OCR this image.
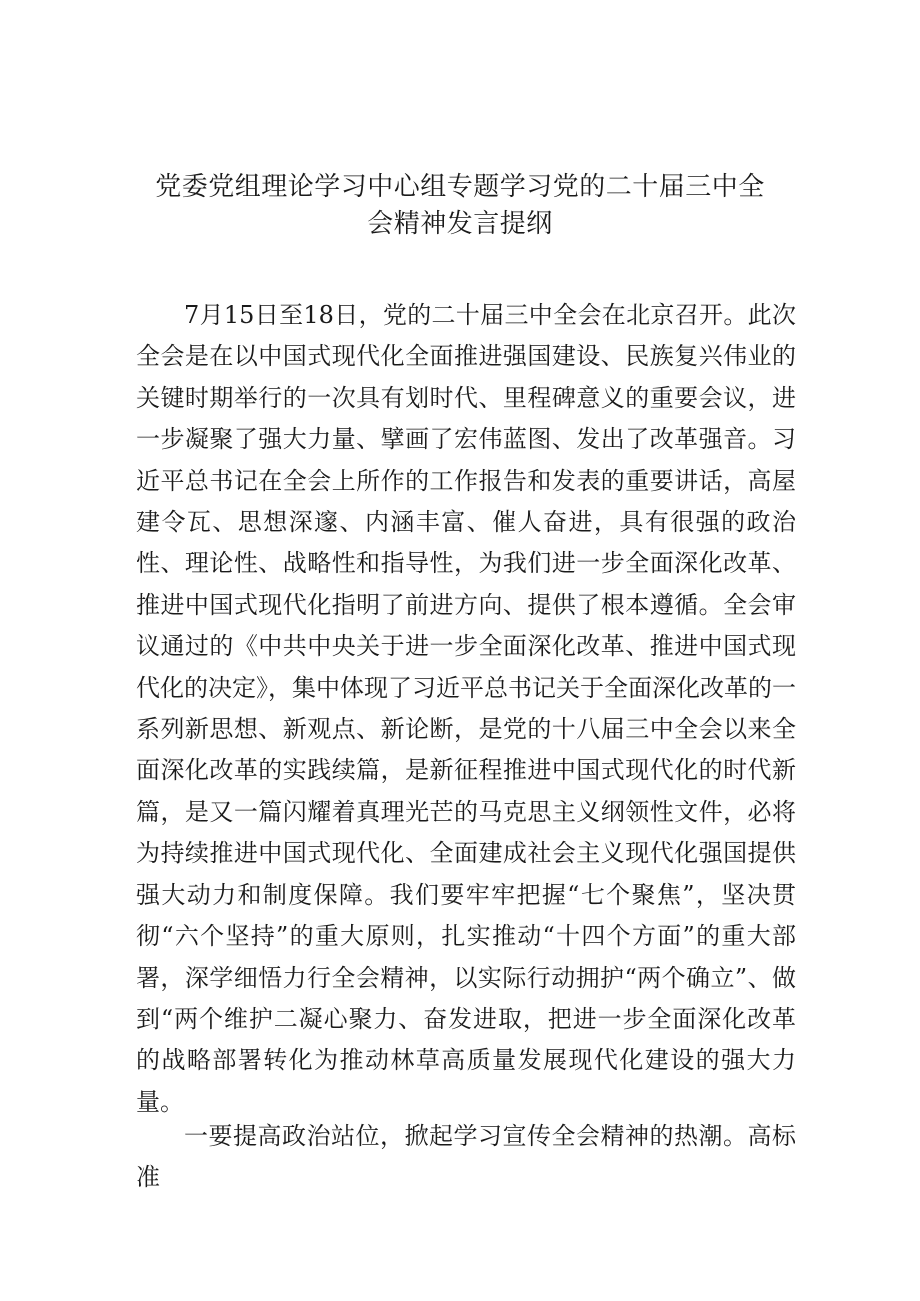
党委党组理论学习中心组专题学习党的二十届三中全
会精神发言提纲

7月15日至18日，党的二十届三中全会在北京召开。此次全会是在以中国式现代化全面推进强国建设、民族复兴伟业的关键时期举行的一次具有划时代、里程碑意义的重要会议，进一步凝聚了强大力量、擘画了宏伟蓝图、发出了改革强音。习近平总书记在全会上所作的工作报告和发表的重要讲话，高屋建令瓦、思想深邃、内涵丰富、催人奋进，具有很强的政治性、理论性、战略性和指导性，为我们进一步全面深化改革、推进中国式现代化指明了前进方向、提供了根本遵循。全会审议通过的《中共中央关于进一步全面深化改革、推进中国式现代化的决定》，集中体现了习近平总书记关于全面深化改革的一系列新思想、新观点、新论断，是党的十八届三中全会以来全面深化改革的实践续篇，是新征程推进中国式现代化的时代新篇，是又一篇闪耀着真理光芒的马克思主义纲领性文件，必将为持续推进中国式现代化、全面建成社会主义现代化强国提供强大动力和制度保障。我们要牢牢把握“七个聚焦”，坚决贯彻“六个坚持”的重大原则，扎实推动“十四个方面”的重大部署，深学细悟力行全会精神，以实际行动拥护“两个确立”、做到“两个维护二凝心聚力、奋发进取，把进一步全面深化改革的战略部署转化为推动林草高质量发展现代化建设的强大力量。

一要提高政治站位，掀起学习宣传全会精神的热潮。高标准
